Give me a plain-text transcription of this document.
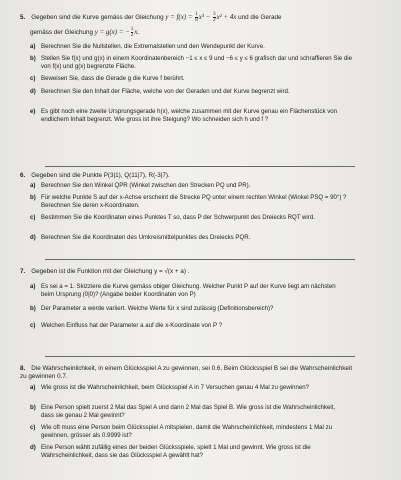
5. Gegeben sind die Kurve gemäss der Gleichung $y = f(x) = \frac{1}{8} x^3 - \frac{3}{2} x^2 + 4x$ und die Gerade
gemäss der Gleichung y = g(x) = − $\frac{1}{2} x$.
a) Berechnen Sie die Nullstellen, die Extremalstellen und den Wendepunkt der Kurve.
b) Stellen Sie f(x) und g(x) in einem Koordinatenbereich −1 ≤ x ≤ 9 und −6 ≤ y ≤ 6 grafisch dar und schraffieren Sie die von f(x) und g(x) begrenzte Fläche.
c) Beweisen Sie, dass die Gerade g die Kurve f berührt.
d) Berechnen Sie den Inhalt der Fläche, welche von der Geraden und der Kurve begrenzt wird.
e) Es gibt noch eine zweite Ursprungsgerade h(x), welche zusammen mit der Kurve genau ein Flächenstück von endlichem Inhalt begrenzt. Wie gross ist ihre Steigung? Wo schneiden sich h und f ?
6. Gegeben sind die Punkte P(3|1), Q(11|7), R(-3|7).
a) Berechnen Sie den Winkel QPR (Winkel zwischen den Strecken PQ und PR).
b) Für welche Punkte S auf der x-Achse erscheint die Strecke PQ unter einem rechten Winkel (Winkel PSQ = 90°) ? Berechnen Sie deren x-Koordinaten.
c) Bestimmen Sie die Koordinaten eines Punktes T so, dass P der Schwerpunkt des Dreiecks RQT wird.
d) Berechnen Sie die Koordinaten des Umkreismittelpunktes des Dreiecks PQR.
7. Gegeben ist die Funktion mit der Gleichung y = √(x + a) .
a) Es sei a = 1. Skizziere die Kurve gemäss obiger Gleichung. Welcher Punkt P auf der Kurve liegt am nächsten beim Ursprung (0|0)? (Angabe beider Koordinaten von P)
b) Der Parameter a werde variiert. Welche Werte für x sind zulässig (Definitionsbereich)?
c) Welchen Einfluss hat der Parameter a auf die x-Koordinate von P ?
8. Die Wahrscheinlichkeit, in einem Glücksspiel A zu gewinnen, sei 0.6. Beim Glücksspiel B sei die Wahrscheinlichkeit zu gewinnen 0.7.
a) Wie gross ist die Wahrscheinlichkeit, beim Glücksspiel A in 7 Versuchen genau 4 Mal zu gewinnen?
b) Eine Person spielt zuerst 2 Mal das Spiel A und dann 2 Mal das Spiel B. Wie gross ist die Wahrscheinlichkeit, dass sie genau 2 Mal gewinnt?
c) Wie oft muss eine Person beim Glücksspiel A mitspielen, damit die Wahrscheinlichkeit, mindestens 1 Mal zu gewinnen, grösser als 0.9999 ist?
d) Eine Person wählt zufällig eines der beiden Glücksspiele, spielt 1 Mal und gewinnt. Wie gross ist die Wahrscheinlichkeit, dass sie das Glücksspiel A gewählt hat?
